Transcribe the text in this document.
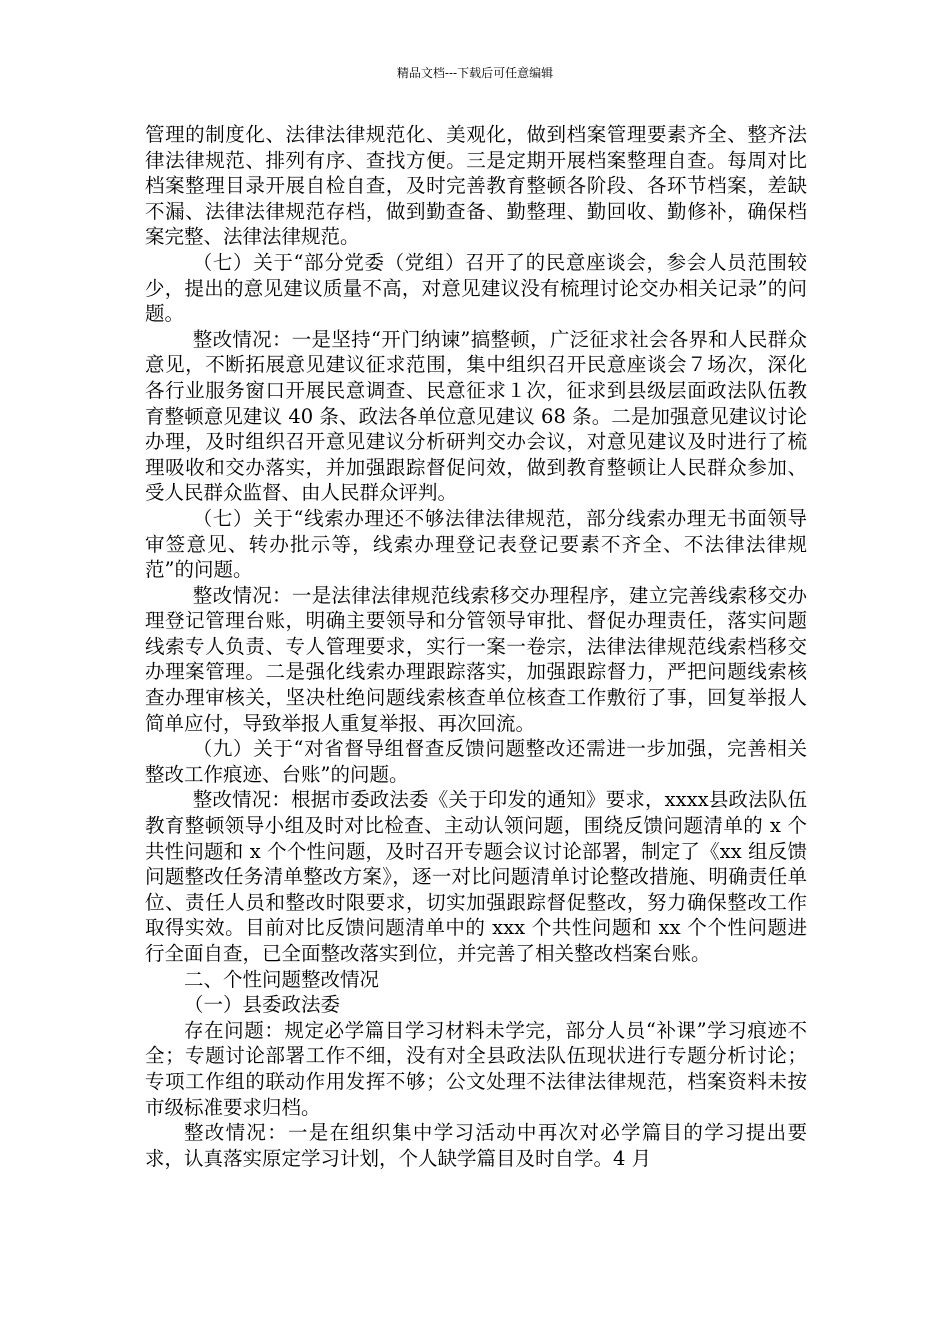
精品文档---下载后可任意编辑

管理的制度化、法律法律规范化、美观化，做到档案管理要素齐全、整齐法律法律规范、排列有序、查找方便。三是定期开展档案整理自查。每周对比档案整理目录开展自检自查，及时完善教育整顿各阶段、各环节档案，差缺不漏、法律法律规范存档，做到勤查备、勤整理、勤回收、勤修补，确保档案完整、法律法律规范。

（七）关于“部分党委（党组）召开了的民意座谈会，参会人员范围较少，提出的意见建议质量不高，对意见建议没有梳理讨论交办相关记录”的问题。

整改情况：一是坚持“开门纳谏”搞整顿，广泛征求社会各界和人民群众意见，不断拓展意见建议征求范围，集中组织召开民意座谈会７场次，深化各行业服务窗口开展民意调查、民意征求１次，征求到县级层面政法队伍教育整顿意见建议 40 条、政法各单位意见建议 68 条。二是加强意见建议讨论办理，及时组织召开意见建议分析研判交办会议，对意见建议及时进行了梳理吸收和交办落实，并加强跟踪督促问效，做到教育整顿让人民群众参加、受人民群众监督、由人民群众评判。

（七）关于“线索办理还不够法律法律规范，部分线索办理无书面领导审签意见、转办批示等，线索办理登记表登记要素不齐全、不法律法律规范”的问题。

整改情况：一是法律法律规范线索移交办理程序，建立完善线索移交办理登记管理台账，明确主要领导和分管领导审批、督促办理责任，落实问题线索专人负责、专人管理要求，实行一案一卷宗，法律法律规范线索档移交办理案管理。二是强化线索办理跟踪落实，加强跟踪督力，严把问题线索核查办理审核关，坚决杜绝问题线索核查单位核查工作敷衍了事，回复举报人简单应付，导致举报人重复举报、再次回流。

（九）关于“对省督导组督查反馈问题整改还需进一步加强，完善相关整改工作痕迹、台账”的问题。

整改情况：根据市委政法委《关于印发的通知》要求，xxxx县政法队伍教育整顿领导小组及时对比检查、主动认领问题，围绕反馈问题清单的 x 个共性问题和 x 个个性问题，及时召开专题会议讨论部署，制定了《xx 组反馈问题整改任务清单整改方案》，逐一对比问题清单讨论整改措施、明确责任单位、责任人员和整改时限要求，切实加强跟踪督促整改，努力确保整改工作取得实效。目前对比反馈问题清单中的 xxx 个共性问题和 xx 个个性问题进行全面自查，已全面整改落实到位，并完善了相关整改档案台账。

二、个性问题整改情况

（一）县委政法委

存在问题：规定必学篇目学习材料未学完，部分人员“补课”学习痕迹不全；专题讨论部署工作不细，没有对全县政法队伍现状进行专题分析讨论；专项工作组的联动作用发挥不够；公文处理不法律法律规范，档案资料未按市级标准要求归档。

整改情况：一是在组织集中学习活动中再次对必学篇目的学习提出要求，认真落实原定学习计划，个人缺学篇目及时自学。4 月
